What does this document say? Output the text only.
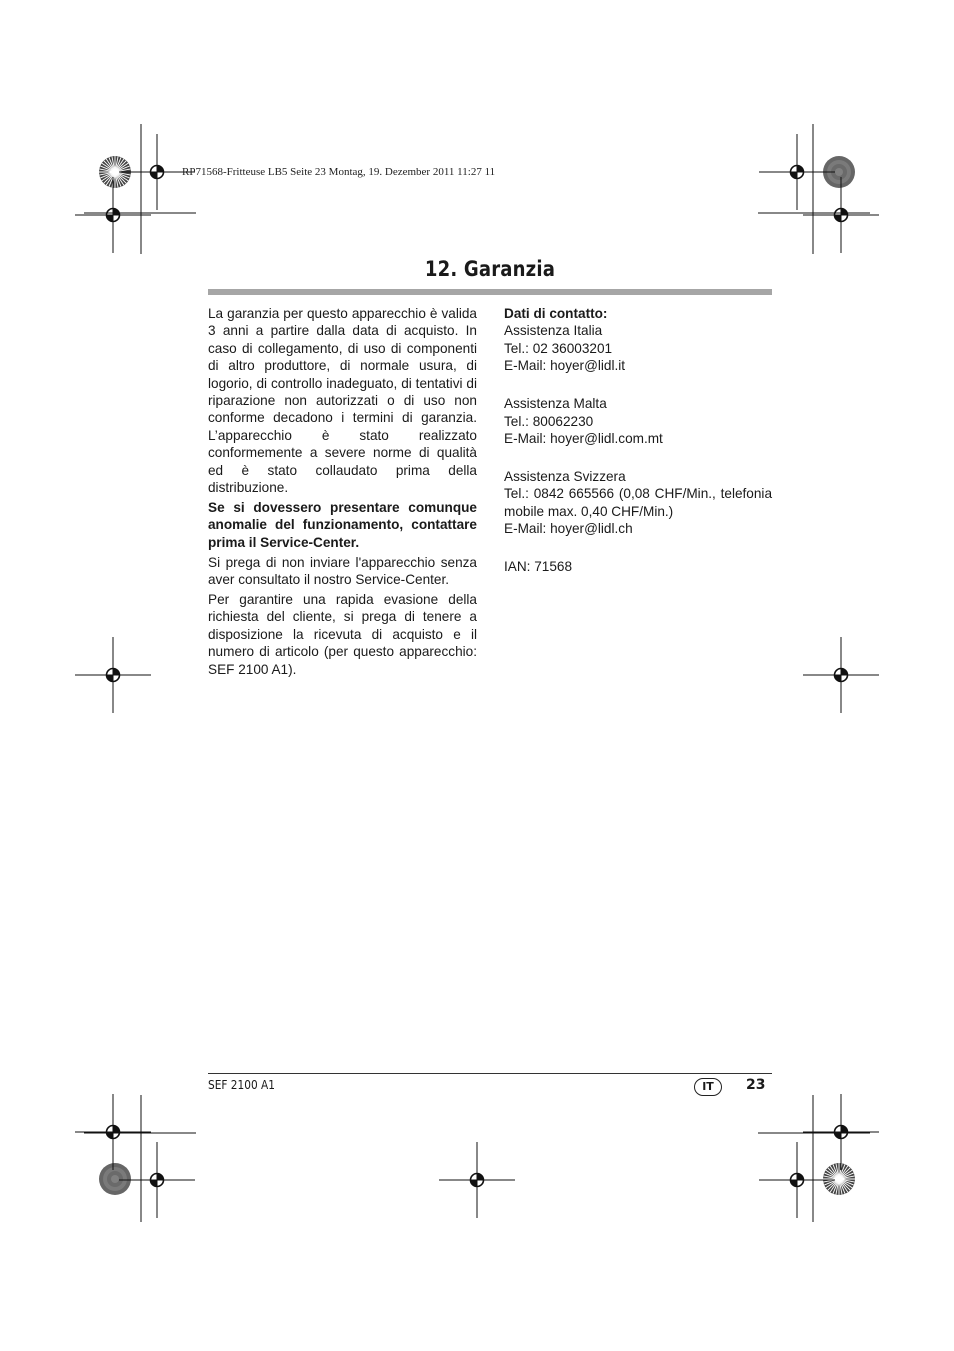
RP71568-Fritteuse LB5 Seite 23 Montag, 19. Dezember 2011 11:27 11
12. Garanzia

La garanzia per questo apparecchio è valida 3 anni a partire dalla data di acquisto. In caso di collegamento, di uso di componenti di altro produttore, di normale usura, di logorio, di controllo inadeguato, di tentativi di riparazione non autorizzati o di uso non conforme decadono i termini di garanzia. L’apparecchio è stato realizzato conformemente a severe norme di qualità ed è stato collaudato prima della distribuzione.

Se si dovessero presentare comunque anomalie del funzionamento, contattare prima il Service-Center.

Si prega di non inviare l'apparecchio senza aver consultato il nostro Service-Center.

Per garantire una rapida evasione della richiesta del cliente, si prega di tenere a disposizione la ricevuta di acquisto e il numero di articolo (per questo apparecchio: SEF 2100 A1).

Dati di contatto:
Assistenza Italia
Tel.: 02 36003201
E-Mail: hoyer@lidl.it
Assistenza Malta
Tel.: 80062230
E-Mail: hoyer@lidl.com.mt
Assistenza Svizzera
Tel.: 0842 665566 (0,08 CHF/Min., telefonia mobile max. 0,40 CHF/Min.)
E-Mail: hoyer@lidl.ch
IAN: 71568
SEF 2100 A1	IT	23
